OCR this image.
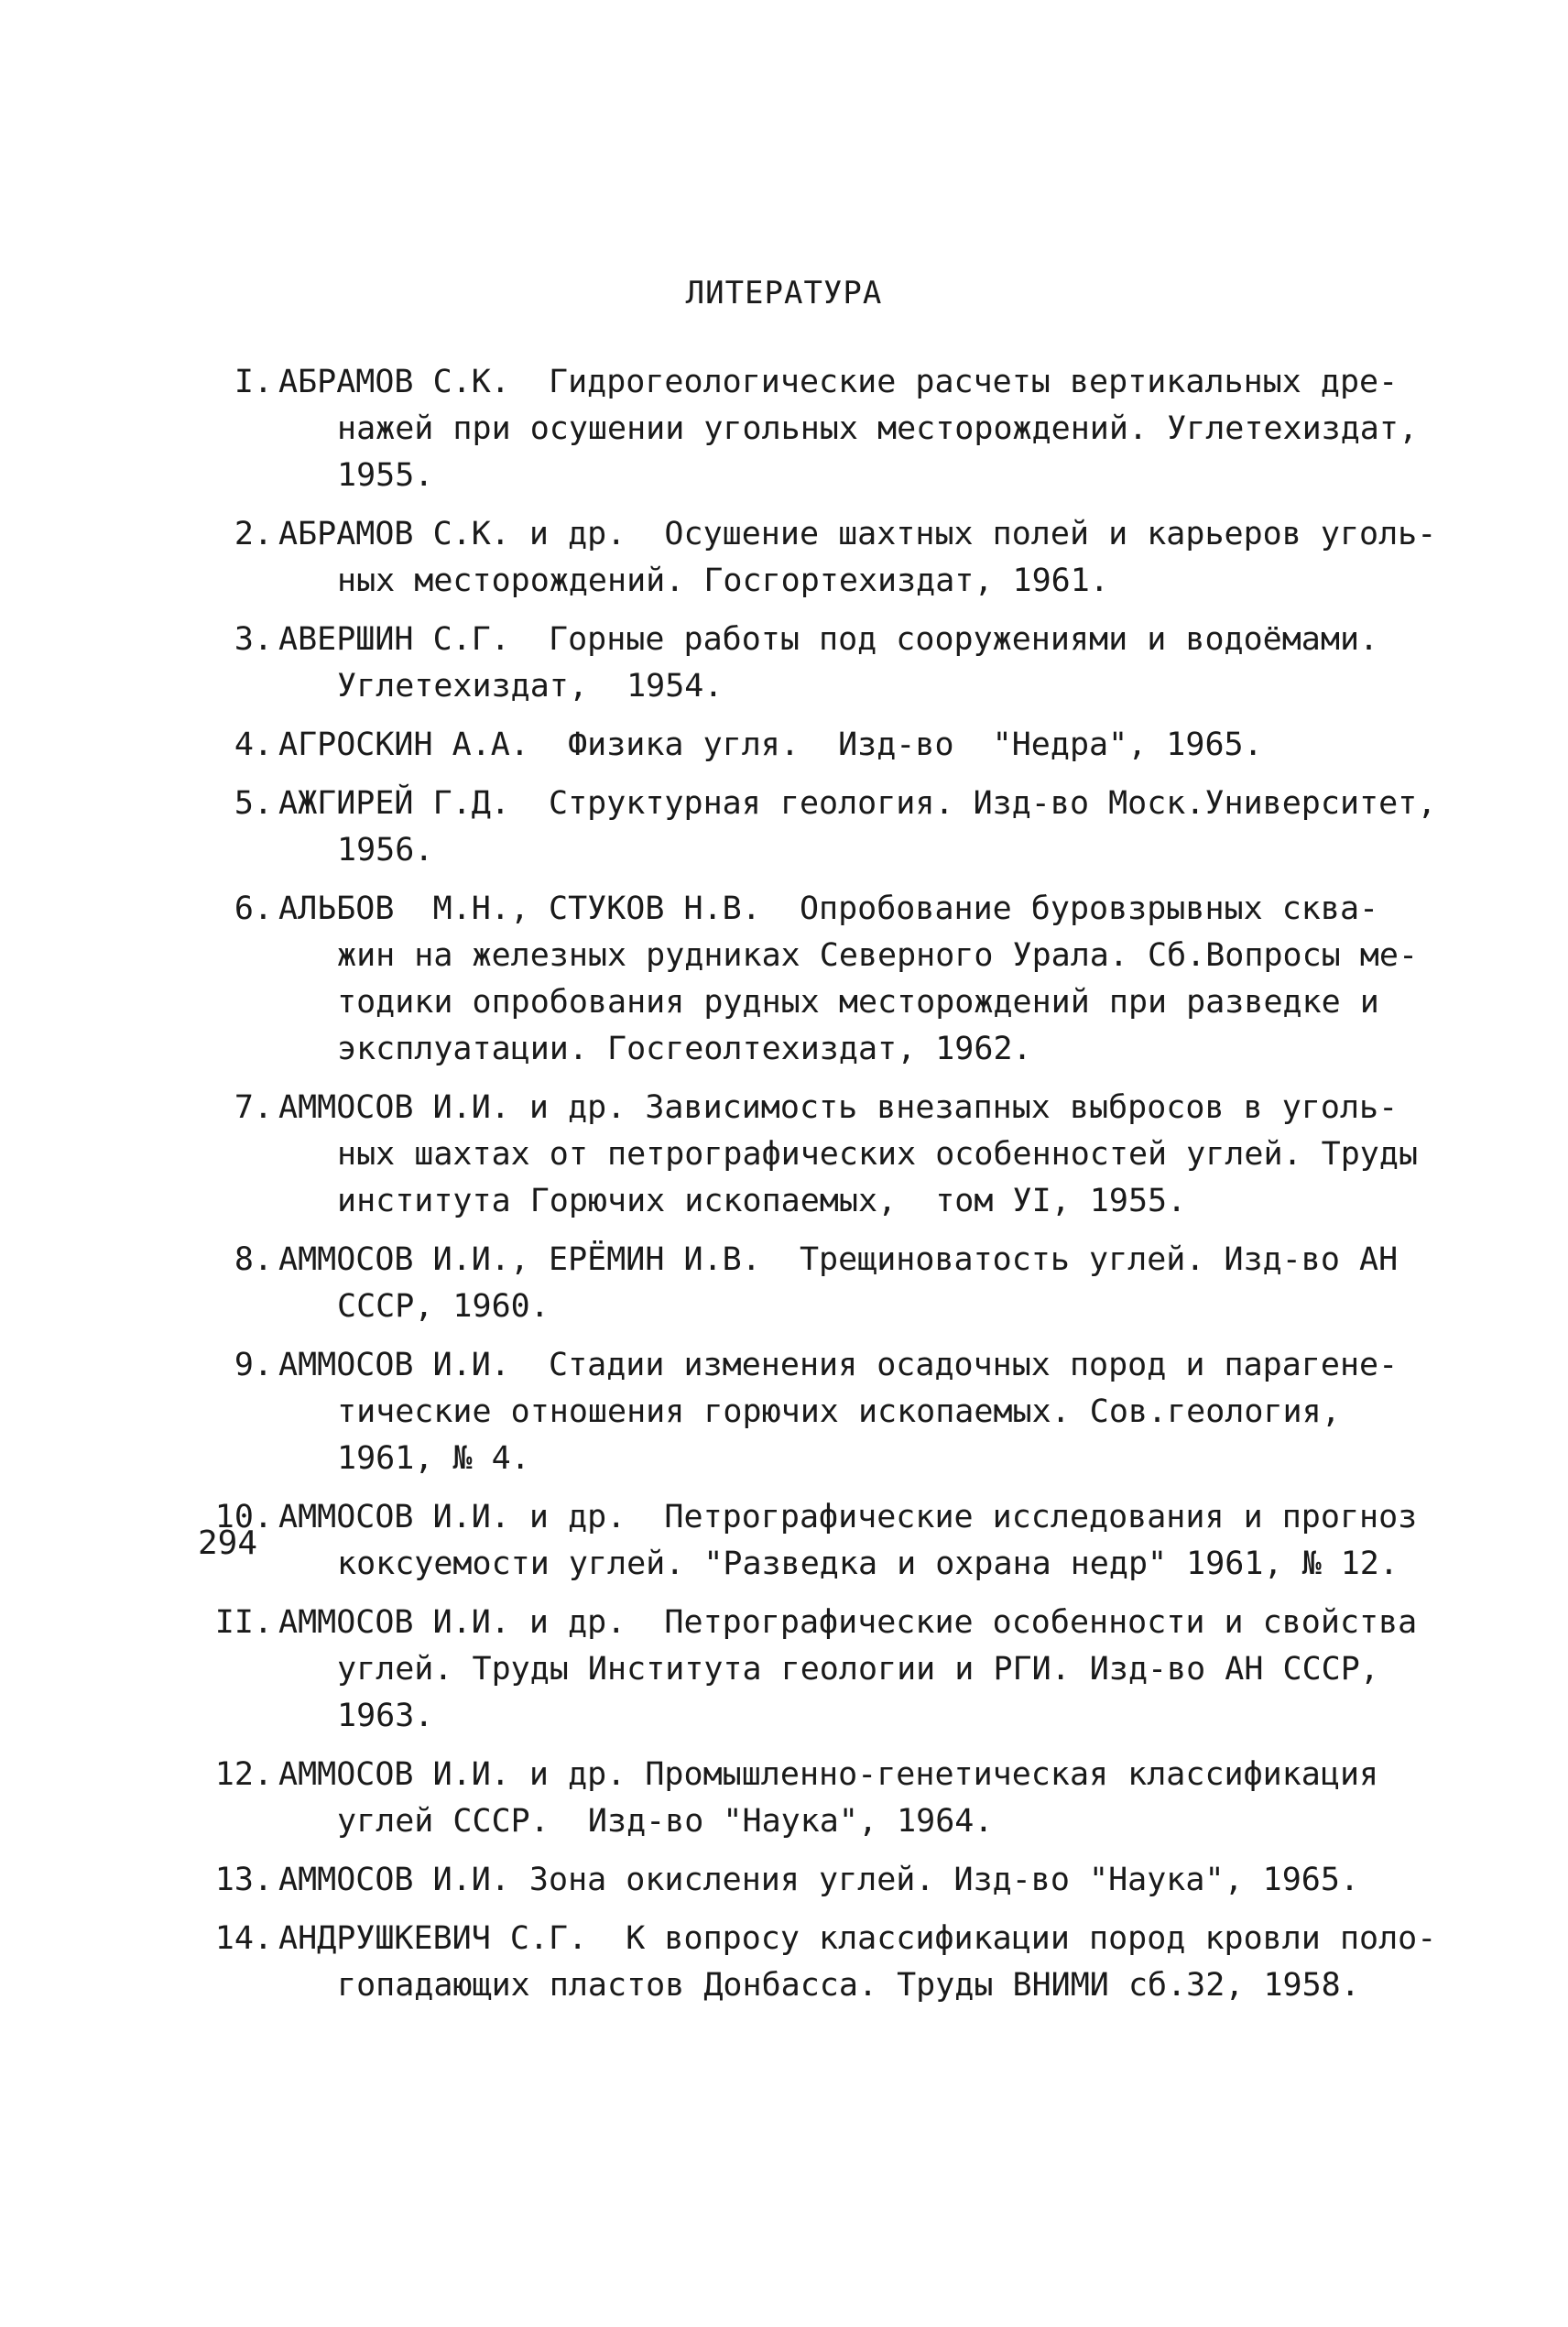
ЛИТЕРАТУРА
I. АБРАМОВ С.К.  Гидрогеологические расчеты вертикальных дре-
нажей при осушении угольных месторождений. Углетехиздат,
1955.
2. АБРАМОВ С.К. и др.  Осушение шахтных полей и карьеров уголь-
ных месторождений. Госгортехиздат, 1961.
3. АВЕРШИН С.Г.  Горные работы под сооружениями и водоёмами.
Углетехиздат,  1954.
4. АГРОСКИН А.А.  Физика угля.  Изд-во  "Недра", 1965.
5. АЖГИРЕЙ Г.Д.  Структурная геология. Изд-во Моск.Университет,
1956.
6. АЛЬБОВ  М.Н., СТУКОВ Н.В.  Опробование буровзрывных сква-
жин на железных рудниках Северного Урала. Сб.Вопросы ме-
тодики опробования рудных месторождений при разведке и
эксплуатации. Госгеолтехиздат, 1962.
7. АММОСОВ И.И. и др. Зависимость внезапных выбросов в уголь-
ных шахтах от петрографических особенностей углей. Труды
института Горючих ископаемых,  том УI, 1955.
8. АММОСОВ И.И., ЕРЁМИН И.В.  Трещиноватость углей. Изд-во АН
СССР, 1960.
9. АММОСОВ И.И.  Стадии изменения осадочных пород и парагене-
тические отношения горючих ископаемых. Сов.геология,
1961, № 4.
10. АММОСОВ И.И. и др.  Петрографические исследования и прогноз
коксуемости углей. "Разведка и охрана недр" 1961, № 12.
II. АММОСОВ И.И. и др.  Петрографические особенности и свойства
углей. Труды Института геологии и РГИ. Изд-во АН СССР,
1963.
12. АММОСОВ И.И. и др. Промышленно-генетическая классификация
углей СССР.  Изд-во "Наука", 1964.
13. АММОСОВ И.И. Зона окисления углей. Изд-во "Наука", 1965.
14. АНДРУШКЕВИЧ С.Г.  К вопросу классификации пород кровли поло-
гопадающих пластов Донбасса. Труды ВНИМИ сб.32, 1958.
294
